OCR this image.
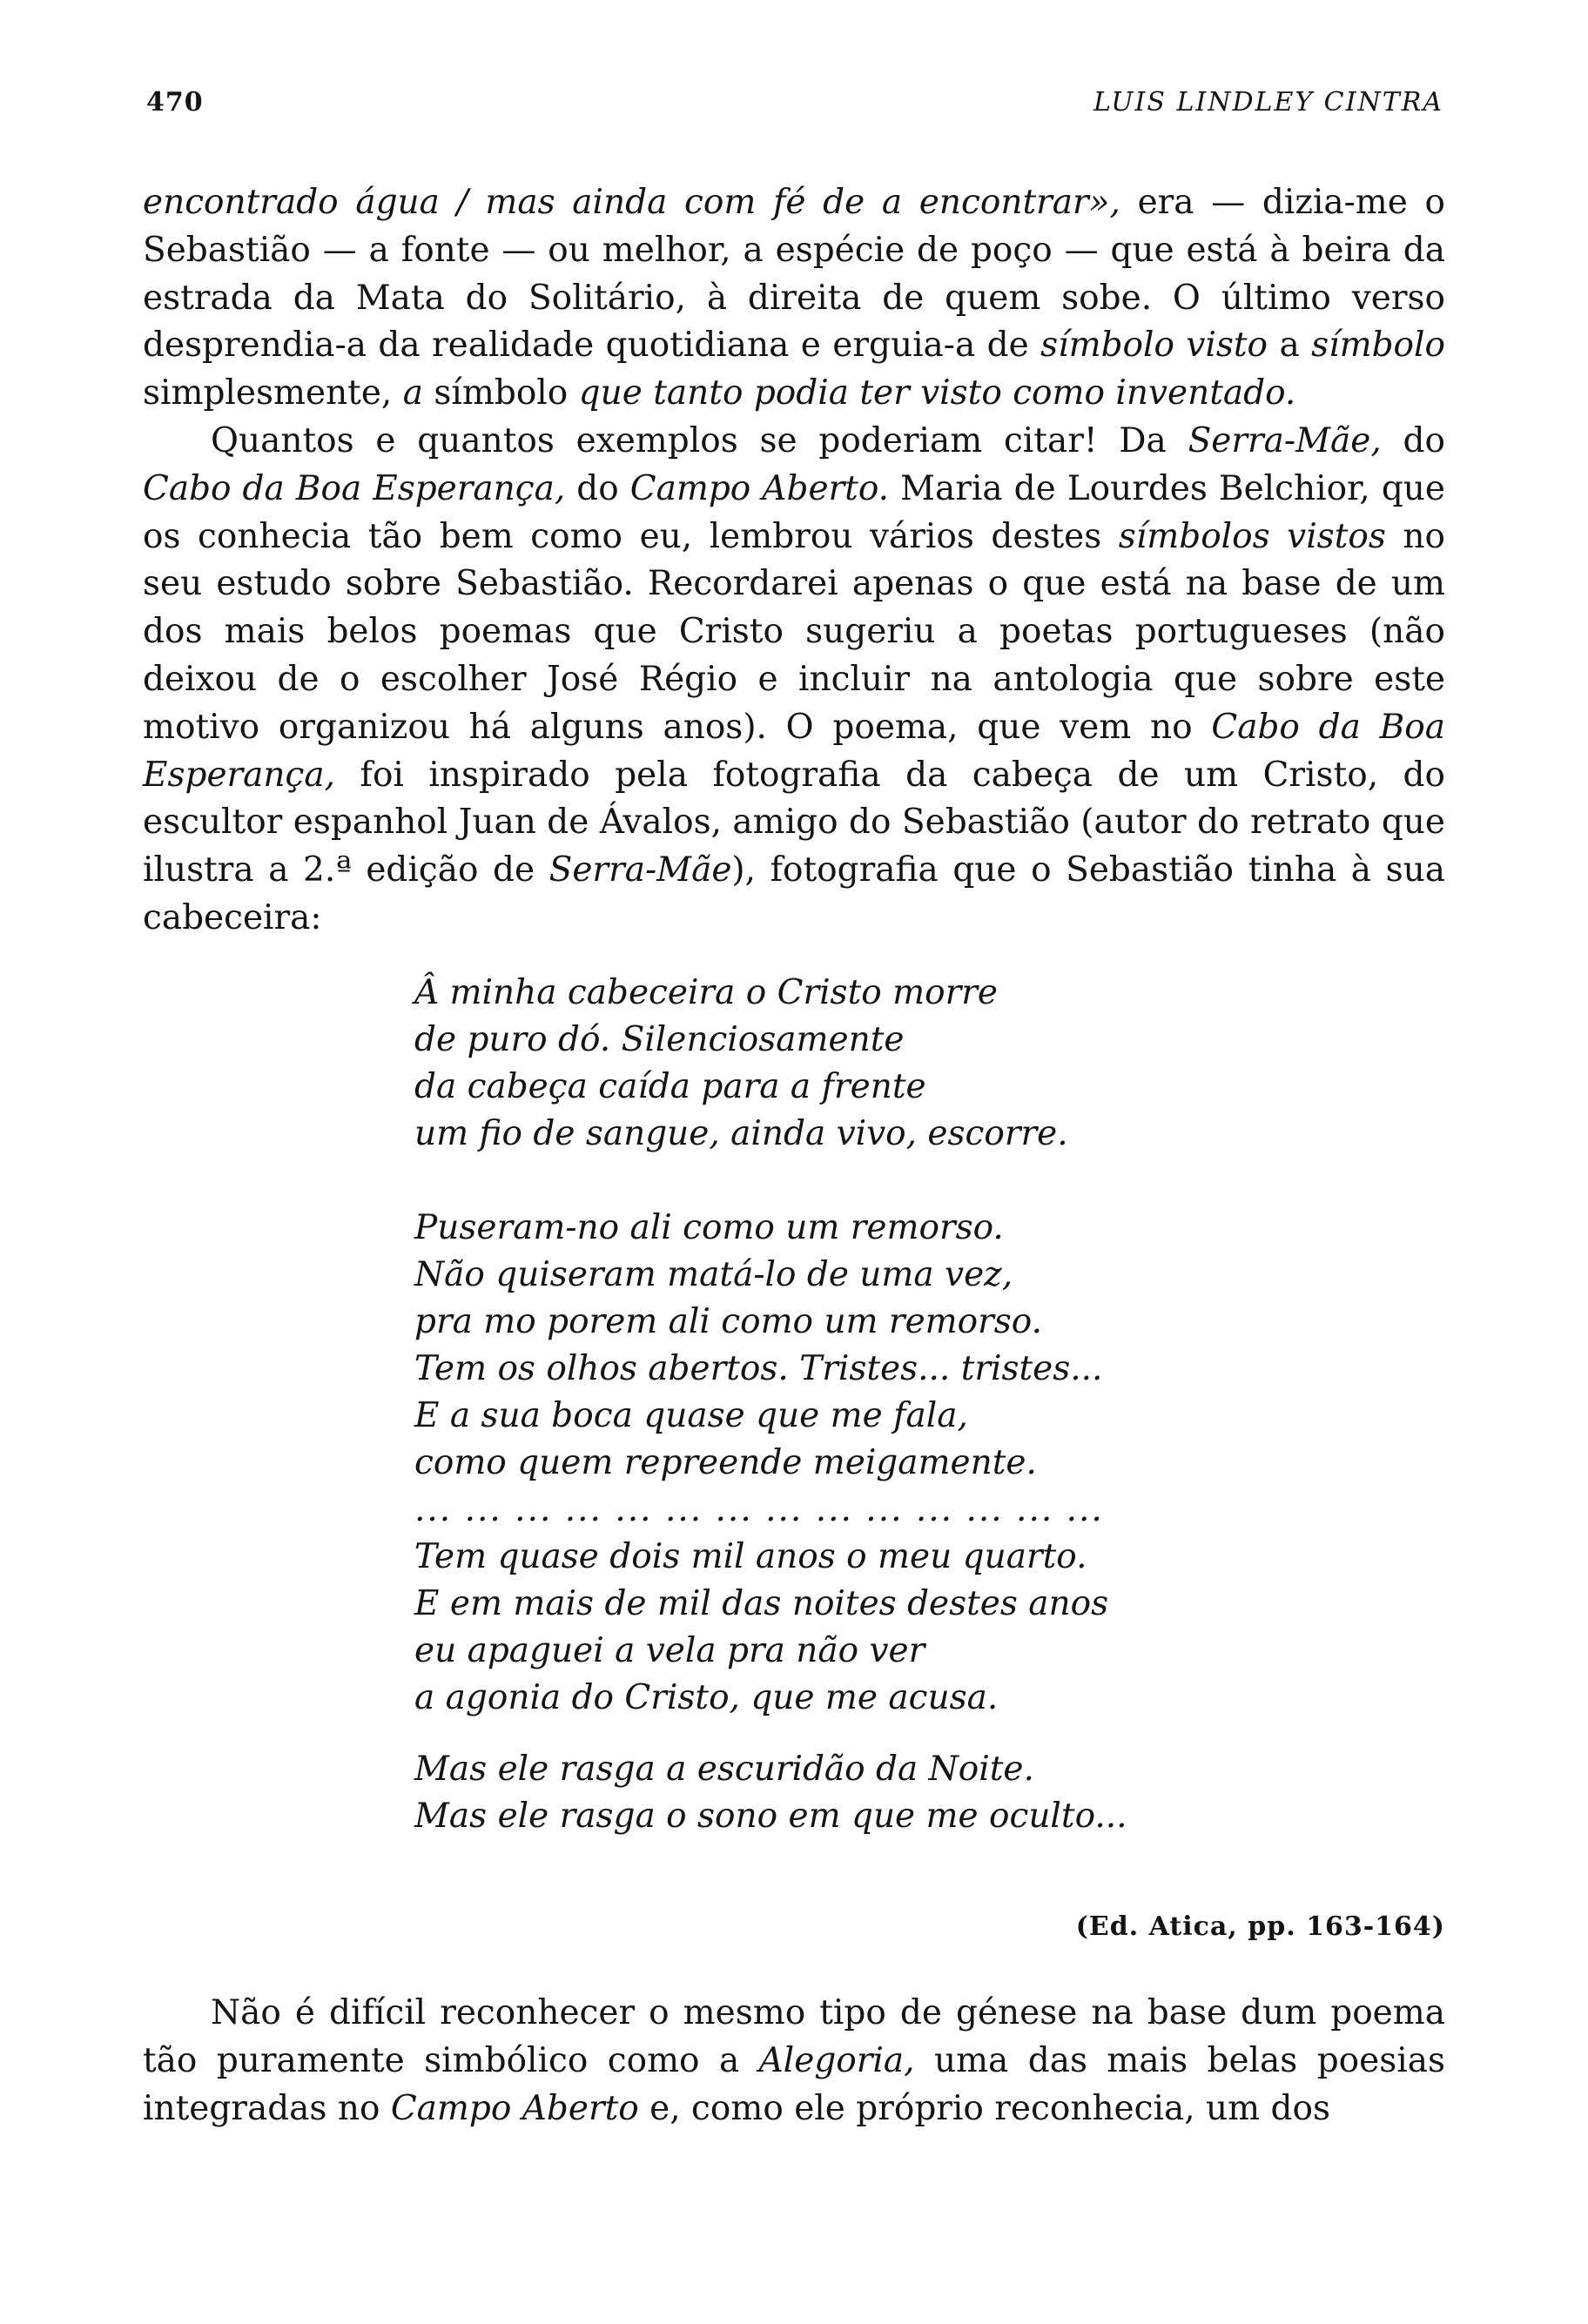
470	LUIS LINDLEY CINTRA

encontrado água / mas ainda com fé de a encontrar», era — dizia-me o Sebastião — a fonte — ou melhor, a espécie de poço — que está à beira da estrada da Mata do Solitário, à direita de quem sobe. O último verso desprendia-a da realidade quotidiana e erguia-a de símbolo visto a símbolo simplesmente, a símbolo que tanto podia ter visto como inventado.

Quantos e quantos exemplos se poderiam citar! Da Serra-Mãe, do Cabo da Boa Esperança, do Campo Aberto. Maria de Lourdes Belchior, que os conhecia tão bem como eu, lembrou vários destes símbolos vistos no seu estudo sobre Sebastião. Recordarei apenas o que está na base de um dos mais belos poemas que Cristo sugeriu a poetas portugueses (não deixou de o escolher José Régio e incluir na antologia que sobre este motivo organizou há alguns anos). O poema, que vem no Cabo da Boa Esperança, foi inspirado pela fotografia da cabeça de um Cristo, do escultor espanhol Juan de Ávalos, amigo do Sebastião (autor do retrato que ilustra a 2.ª edição de Serra-Mãe), fotografia que o Sebastião tinha à sua cabeceira:

Â minha cabeceira o Cristo morre
de puro dó. Silenciosamente
da cabeça caída para a frente
um fio de sangue, ainda vivo, escorre.
Puseram-no ali como um remorso.
Não quiseram matá-lo de uma vez,
pra mo porem ali como um remorso.
Tem os olhos abertos. Tristes... tristes...
E a sua boca quase que me fala,
como quem repreende meigamente.
... ... ... ... ... ... ... ... ... ... ... ... ... ...
Tem quase dois mil anos o meu quarto.
E em mais de mil das noites destes anos
eu apaguei a vela pra não ver
a agonia do Cristo, que me acusa.
Mas ele rasga a escuridão da Noite.
Mas ele rasga o sono em que me oculto...
(Ed. Atica, pp. 163-164)

Não é difícil reconhecer o mesmo tipo de génese na base dum poema tão puramente simbólico como a Alegoria, uma das mais belas poesias integradas no Campo Aberto e, como ele próprio reconhecia, um dos
